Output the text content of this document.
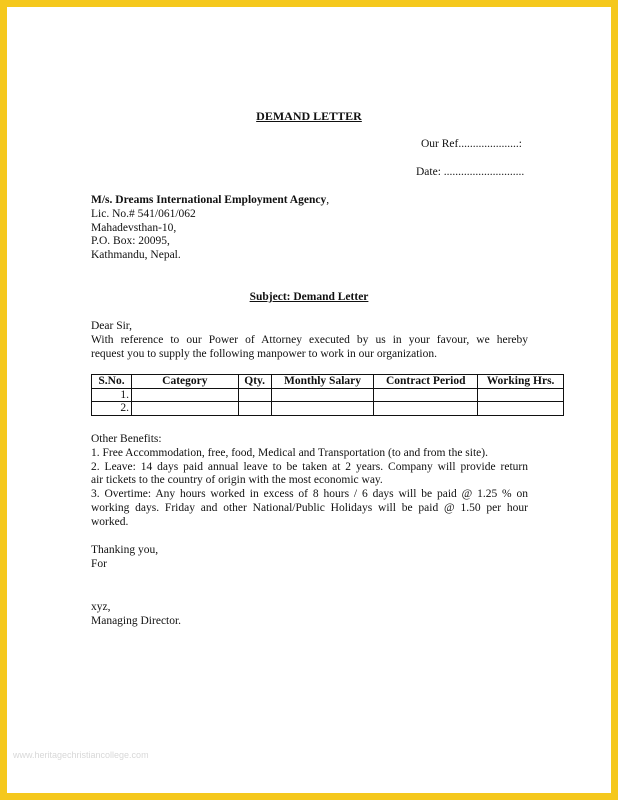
DEMAND LETTER
Our Ref.....................:
Date: ............................
M/s. Dreams International Employment Agency,
Lic. No.# 541/061/062
Mahadevsthan-10,
P.O. Box: 20095,
Kathmandu, Nepal.
Subject: Demand Letter

Dear Sir,

With reference to our Power of Attorney executed by us in your favour, we hereby

request you to supply the following manpower to work in our organization.

S.No.	Category	Qty.	Monthly Salary	Contract Period	Working Hrs.
1.					
2.					

Other Benefits:

1. Free Accommodation, free, food, Medical and Transportation (to and from the site).

2. Leave: 14 days paid annual leave to be taken at 2 years. Company will provide return

air tickets to the country of origin with the most economic way.

3. Overtime: Any hours worked in excess of 8 hours / 6 days will be paid @ 1.25 % on

working days. Friday and other National/Public Holidays will be paid @ 1.50 per hour

worked.

Thanking you,
For
xyz,
Managing Director.
www.heritagechristiancollege.com
